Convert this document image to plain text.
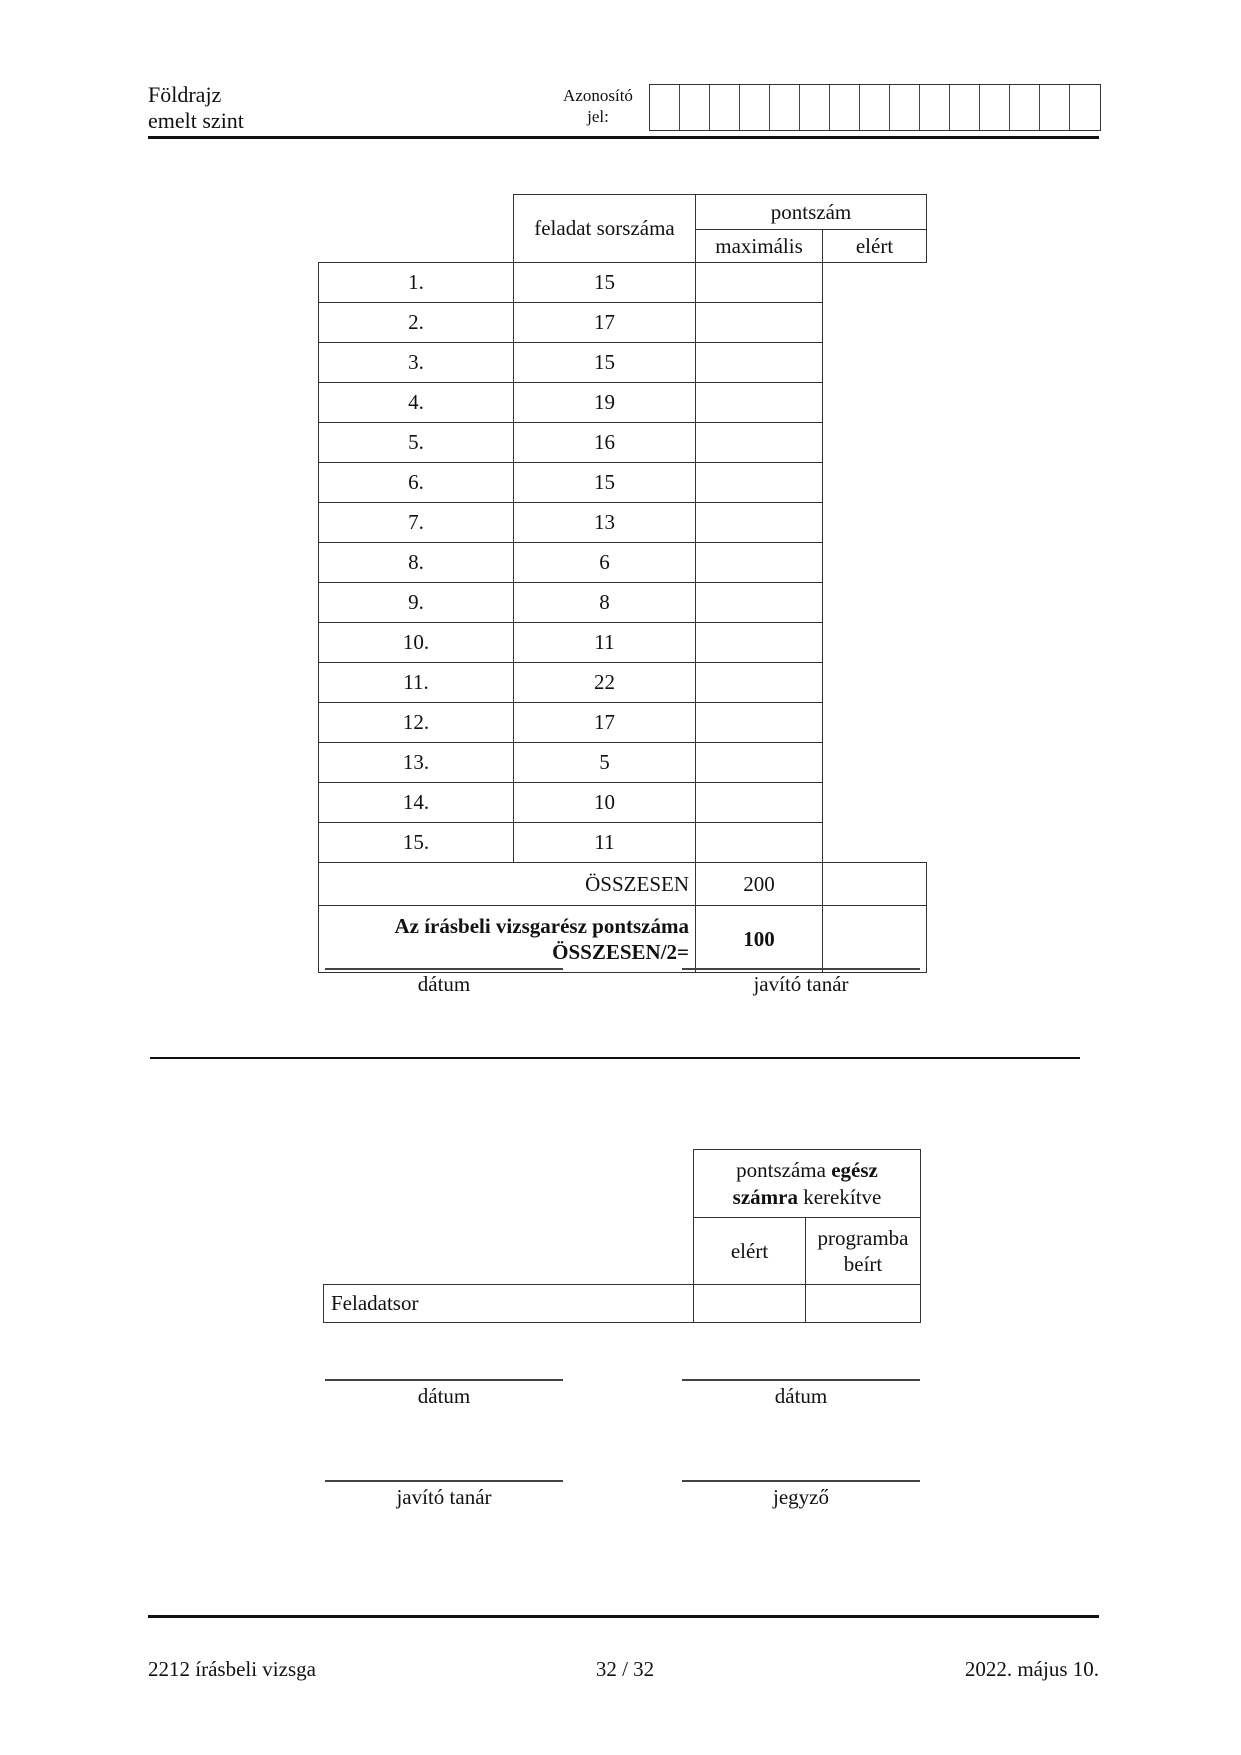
Földrajz
emelt szint
Azonosító
jel:
	feladat sorszáma	pontszám	
		maximális	elért
1.	15		
2.	17		
3.	15		
4.	19		
5.	16		
6.	15		
7.	13		
8.	6		
9.	8		
10.	11		
11.	22		
12.	17		
13.	5		
14.	10		
15.	11		
ÖSSZESEN		200	

Az írásbeli vizsgarész pontszáma
ÖSSZESEN/2=		100	
dátum	javító tanár
	pontszáma egész
számra kerekítve	
	elért	programba
beírt

Feladatsor		
dátum	dátum
javító tanár	jegyző
2212 írásbeli vizsga	32 / 32	2022. május 10.
